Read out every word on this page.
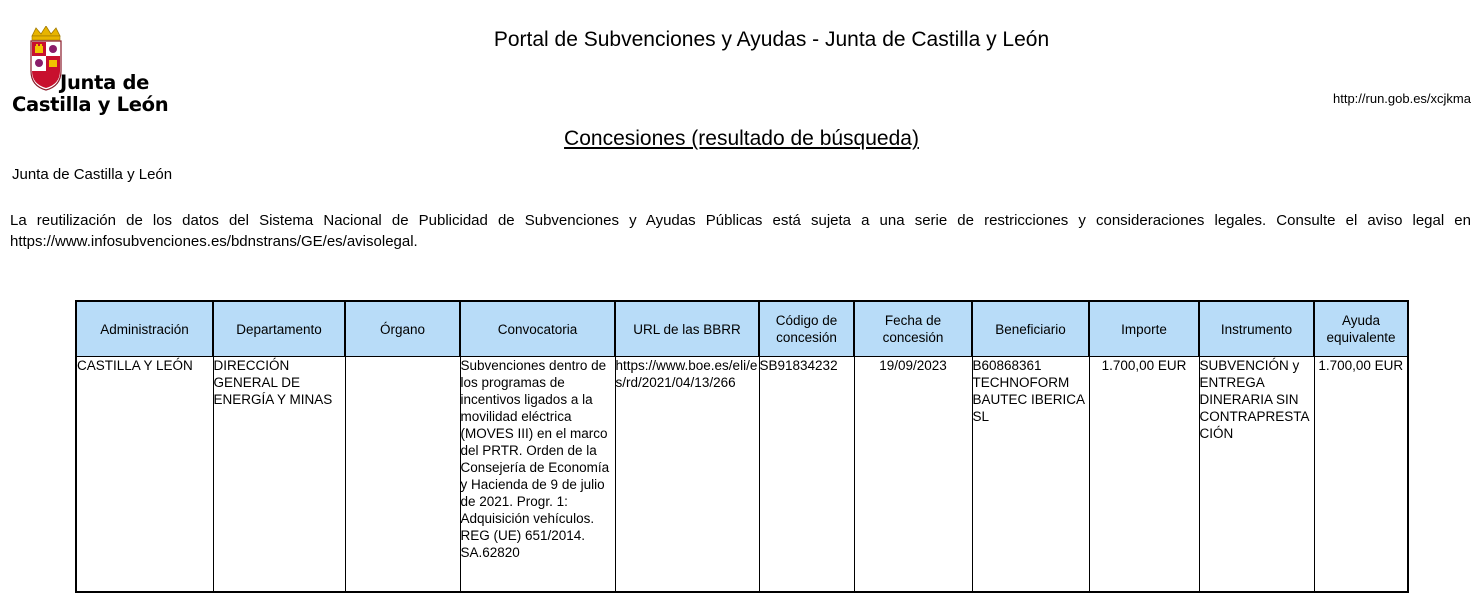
Junta de
Castilla y León
Portal de Subvenciones y Ayudas - Junta de Castilla y León
http://run.gob.es/xcjkma
Concesiones (resultado de búsqueda)
Junta de Castilla y León
La reutilización de los datos del Sistema Nacional de Publicidad de Subvenciones y Ayudas Públicas está sujeta a una serie de restricciones y consideraciones legales. Consulte el aviso legal en https://www.infosubvenciones.es/bdnstrans/GE/es/avisolegal.
Administración	Departamento	Órgano	Convocatoria	URL de las BBRR	Código de concesión	Fecha de concesión	Beneficiario	Importe	Instrumento	Ayuda equivalente
CASTILLA Y LEÓN	DIRECCIÓN GENERAL DE ENERGÍA Y MINAS		Subvenciones dentro de los programas de incentivos ligados a la movilidad eléctrica (MOVES III) en el marco del PRTR. Orden de la Consejería de Economía y Hacienda de 9 de julio de 2021. Progr. 1: Adquisición vehículos. REG (UE) 651/2014. SA.62820	https://www.boe.es/eli/es/rd/2021/04/13/266	SB91834232	19/09/2023	B60868361 TECHNOFORM BAUTEC IBERICA SL	1.700,00 EUR	SUBVENCIÓN y ENTREGA DINERARIA SIN CONTRAPRESTACIÓN	1.700,00 EUR
